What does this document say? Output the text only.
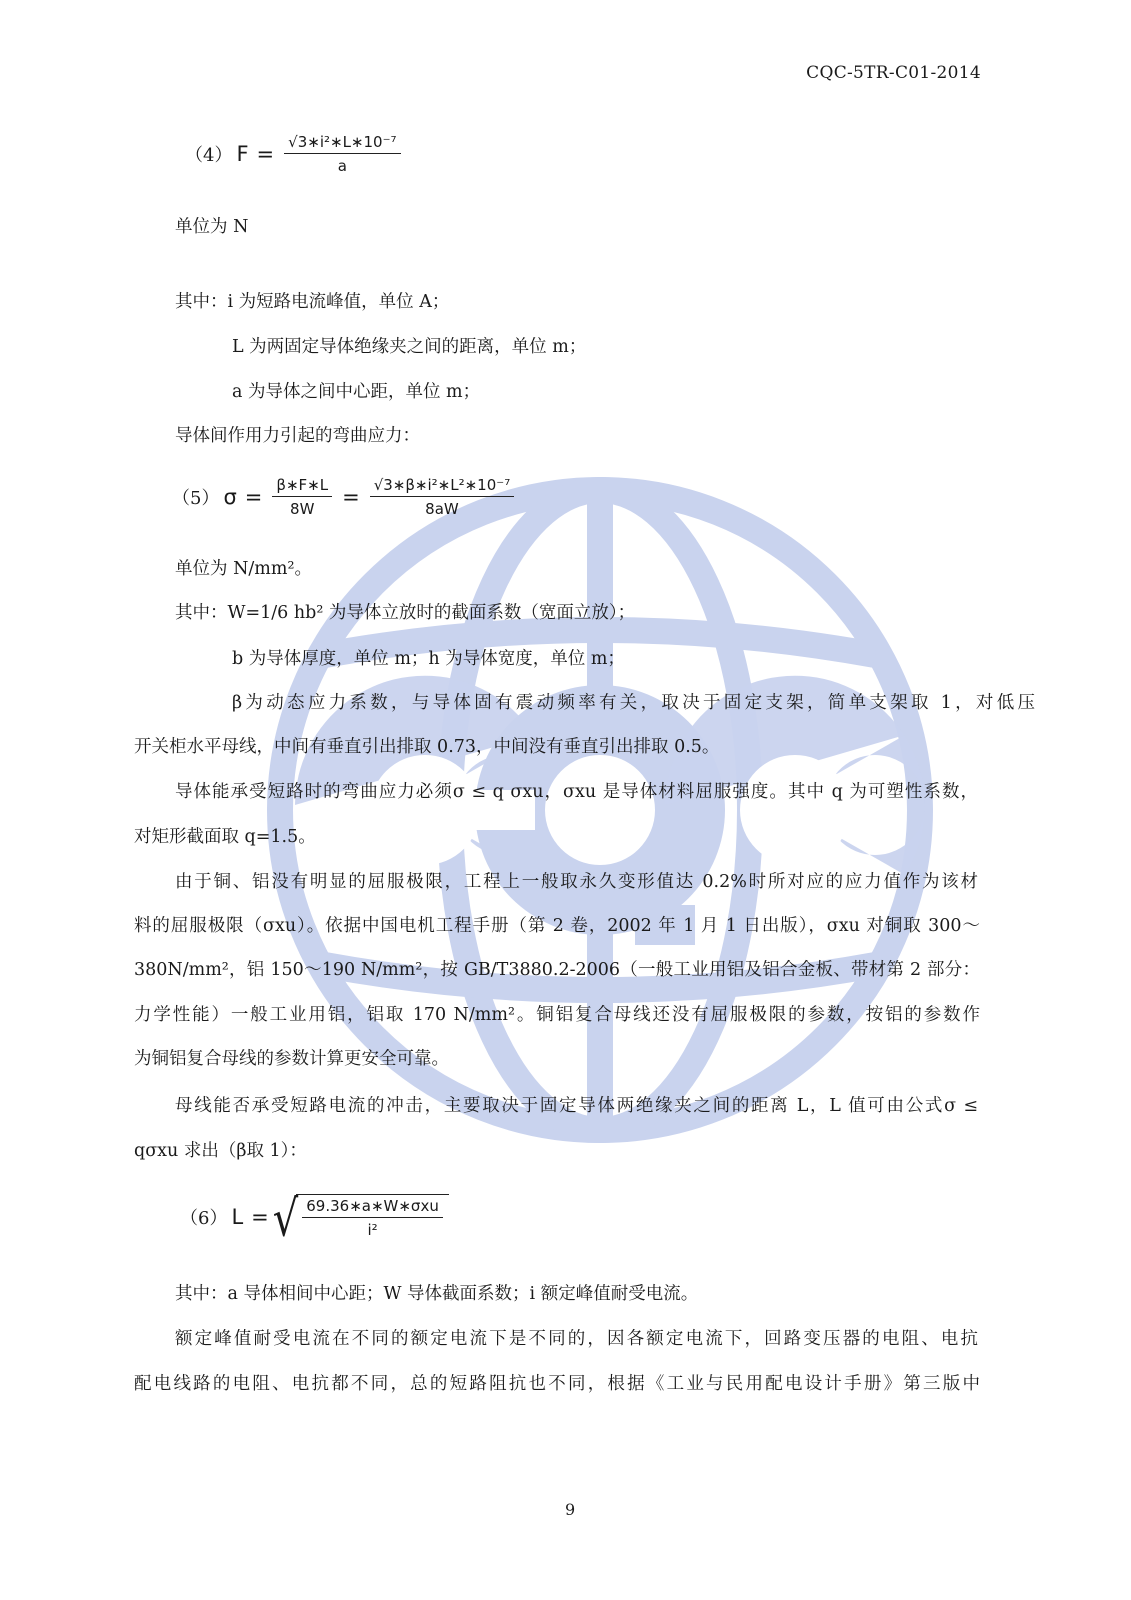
CQC-5TR-C01-2014
（4） $F = \frac{\text{√3∗i²∗L∗10⁻⁷}}{a}$
单位为 N
其中：i 为短路电流峰值，单位 A；
L 为两固定导体绝缘夹之间的距离，单位 m；
a 为导体之间中心距，单位 m；
导体间作用力引起的弯曲应力：
（5） $\sigma = \frac{\beta∗F∗L}{8W} = \frac{\text{√3∗β∗i²∗L²∗10⁻⁷}}{8aW}$
单位为 N/mm²。
其中：W=1/6 hb² 为导体立放时的截面系数（宽面立放）；
b 为导体厚度，单位 m；h 为导体宽度，单位 m；
β为动态应力系数，与导体固有震动频率有关，取决于固定支架，简单支架取 1，对低压
开关柜水平母线，中间有垂直引出排取 0.73，中间没有垂直引出排取 0.5。
导体能承受短路时的弯曲应力必须σ ≤ q σxu，σxu 是导体材料屈服强度。其中 q 为可塑性系数，
对矩形截面取 q=1.5。
由于铜、铝没有明显的屈服极限，工程上一般取永久变形值达 0.2%时所对应的应力值作为该材
料的屈服极限（σxu）。依据中国电机工程手册（第 2 卷，2002 年 1 月 1 日出版），σxu 对铜取 300～
380N/mm²，铝 150～190 N/mm²，按 GB/T3880.2-2006（一般工业用铝及铝合金板、带材第 2 部分：
力学性能）一般工业用铝，铝取 170 N/mm²。铜铝复合母线还没有屈服极限的参数，按铝的参数作
为铜铝复合母线的参数计算更安全可靠。
母线能否承受短路电流的冲击，主要取决于固定导体两绝缘夹之间的距离 L，L 值可由公式σ ≤
qσxu 求出（β取 1）：
（6） L = √ $\frac{\text{69.36∗a∗W∗σxu}}{\text{i²}}$
其中：a 导体相间中心距；W 导体截面系数；i 额定峰值耐受电流。
额定峰值耐受电流在不同的额定电流下是不同的，因各额定电流下，回路变压器的电阻、电抗
配电线路的电阻、电抗都不同，总的短路阻抗也不同，根据《工业与民用配电设计手册》第三版中
9
